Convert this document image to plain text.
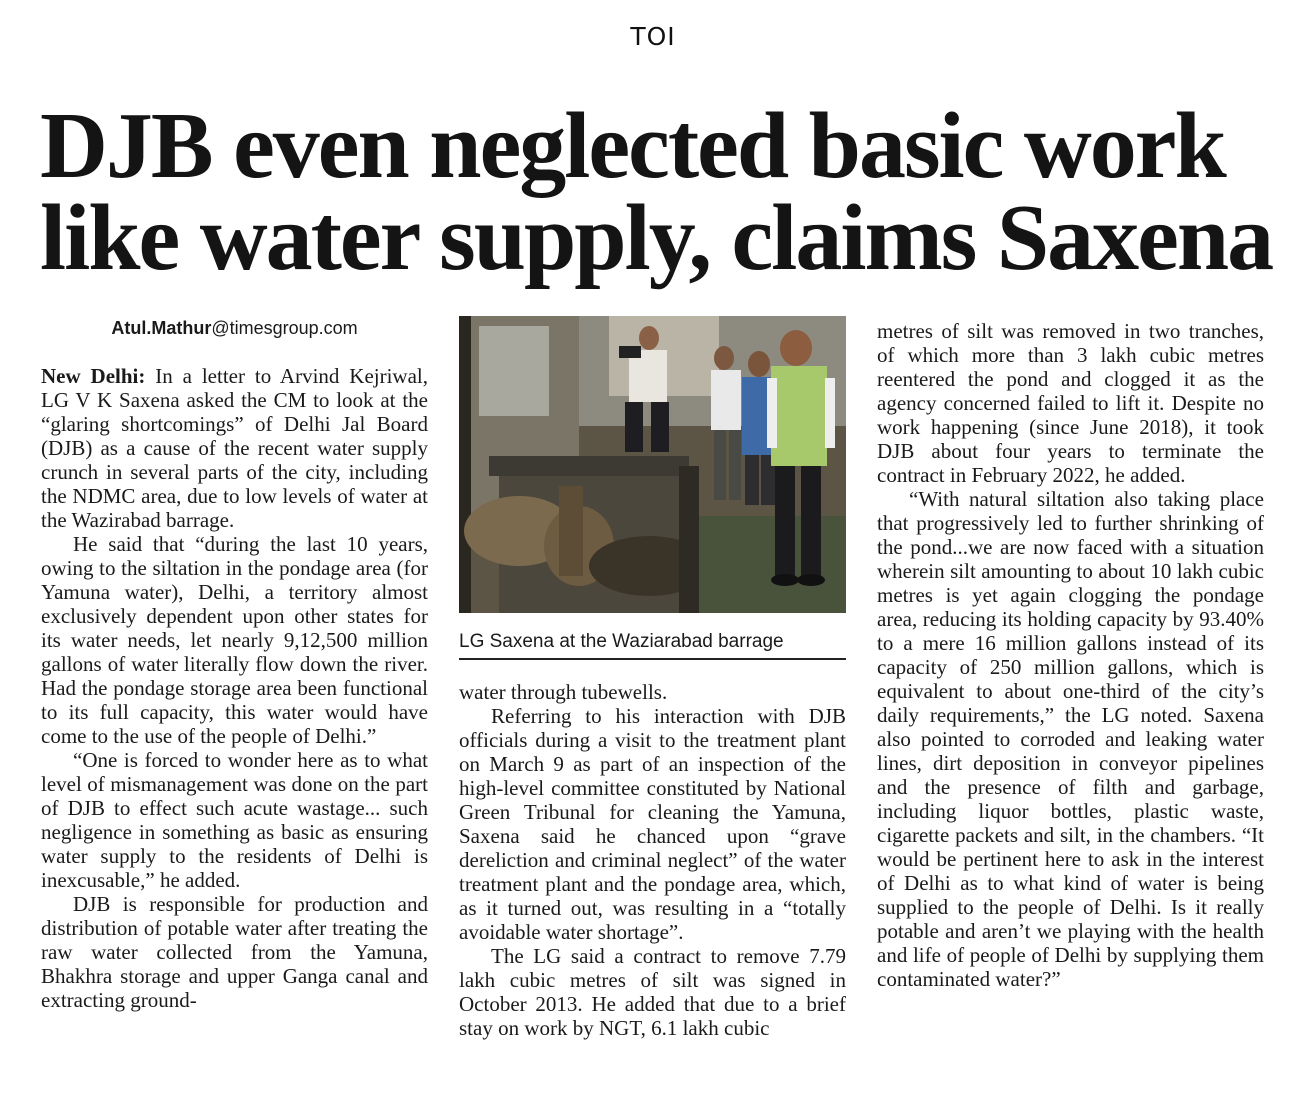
TOI
DJB even neglected basic work
like water supply, claims Saxena
Atul.Mathur@timesgroup.com

New Delhi: In a letter to Arvind Kejriwal, LG V K Saxena asked the CM to look at the “glaring shortcomings” of Delhi Jal Board (DJB) as a cause of the recent water supply crunch in several parts of the city, including the NDMC area, due to low levels of water at the Wazirabad barrage.

He said that “during the last 10 years, owing to the siltation in the pondage area (for Yamuna water), Delhi, a territory almost exclusively dependent upon other states for its water needs, let nearly 9,12,500 million gallons of water literally flow down the river. Had the pondage storage area been functional to its full capacity, this water would have come to the use of the people of Delhi.”

“One is forced to wonder here as to what level of mismanagement was done on the part of DJB to effect such acute wastage... such negligence in something as basic as ensuring water supply to the residents of Delhi is inexcusable,” he added.

DJB is responsible for production and distribution of potable water after treating the raw water collected from the Yamuna, Bhakhra storage and upper Ganga canal and extracting ground-

LG Saxena at the Waziarabad barrage

water through tubewells.

Referring to his interaction with DJB officials during a visit to the treatment plant on March 9 as part of an inspection of the high-level committee constituted by National Green Tribunal for cleaning the Yamuna, Saxena said he chanced upon “grave dereliction and criminal neglect” of the water treatment plant and the pondage area, which, as it turned out, was resulting in a “totally avoidable water shortage”.

The LG said a contract to remove 7.79 lakh cubic metres of silt was signed in October 2013. He added that due to a brief stay on work by NGT, 6.1 lakh cubic

metres of silt was removed in two tranches, of which more than 3 lakh cubic metres reentered the pond and clogged it as the agency concerned failed to lift it. Despite no work happening (since June 2018), it took DJB about four years to terminate the contract in February 2022, he added.

“With natural siltation also taking place that progressively led to further shrinking of the pond...we are now faced with a situation wherein silt amounting to about 10 lakh cubic metres is yet again clogging the pondage area, reducing its holding capacity by 93.40% to a mere 16 million gallons instead of its capacity of 250 million gallons, which is equivalent to about one-third of the city’s daily requirements,” the LG noted. Saxena also pointed to corroded and leaking water lines, dirt deposition in conveyor pipelines and the presence of filth and garbage, including liquor bottles, plastic waste, cigarette packets and silt, in the chambers. “It would be pertinent here to ask in the interest of Delhi as to what kind of water is being supplied to the people of Delhi. Is it really potable and aren’t we playing with the health and life of people of Delhi by supplying them contaminated water?”
